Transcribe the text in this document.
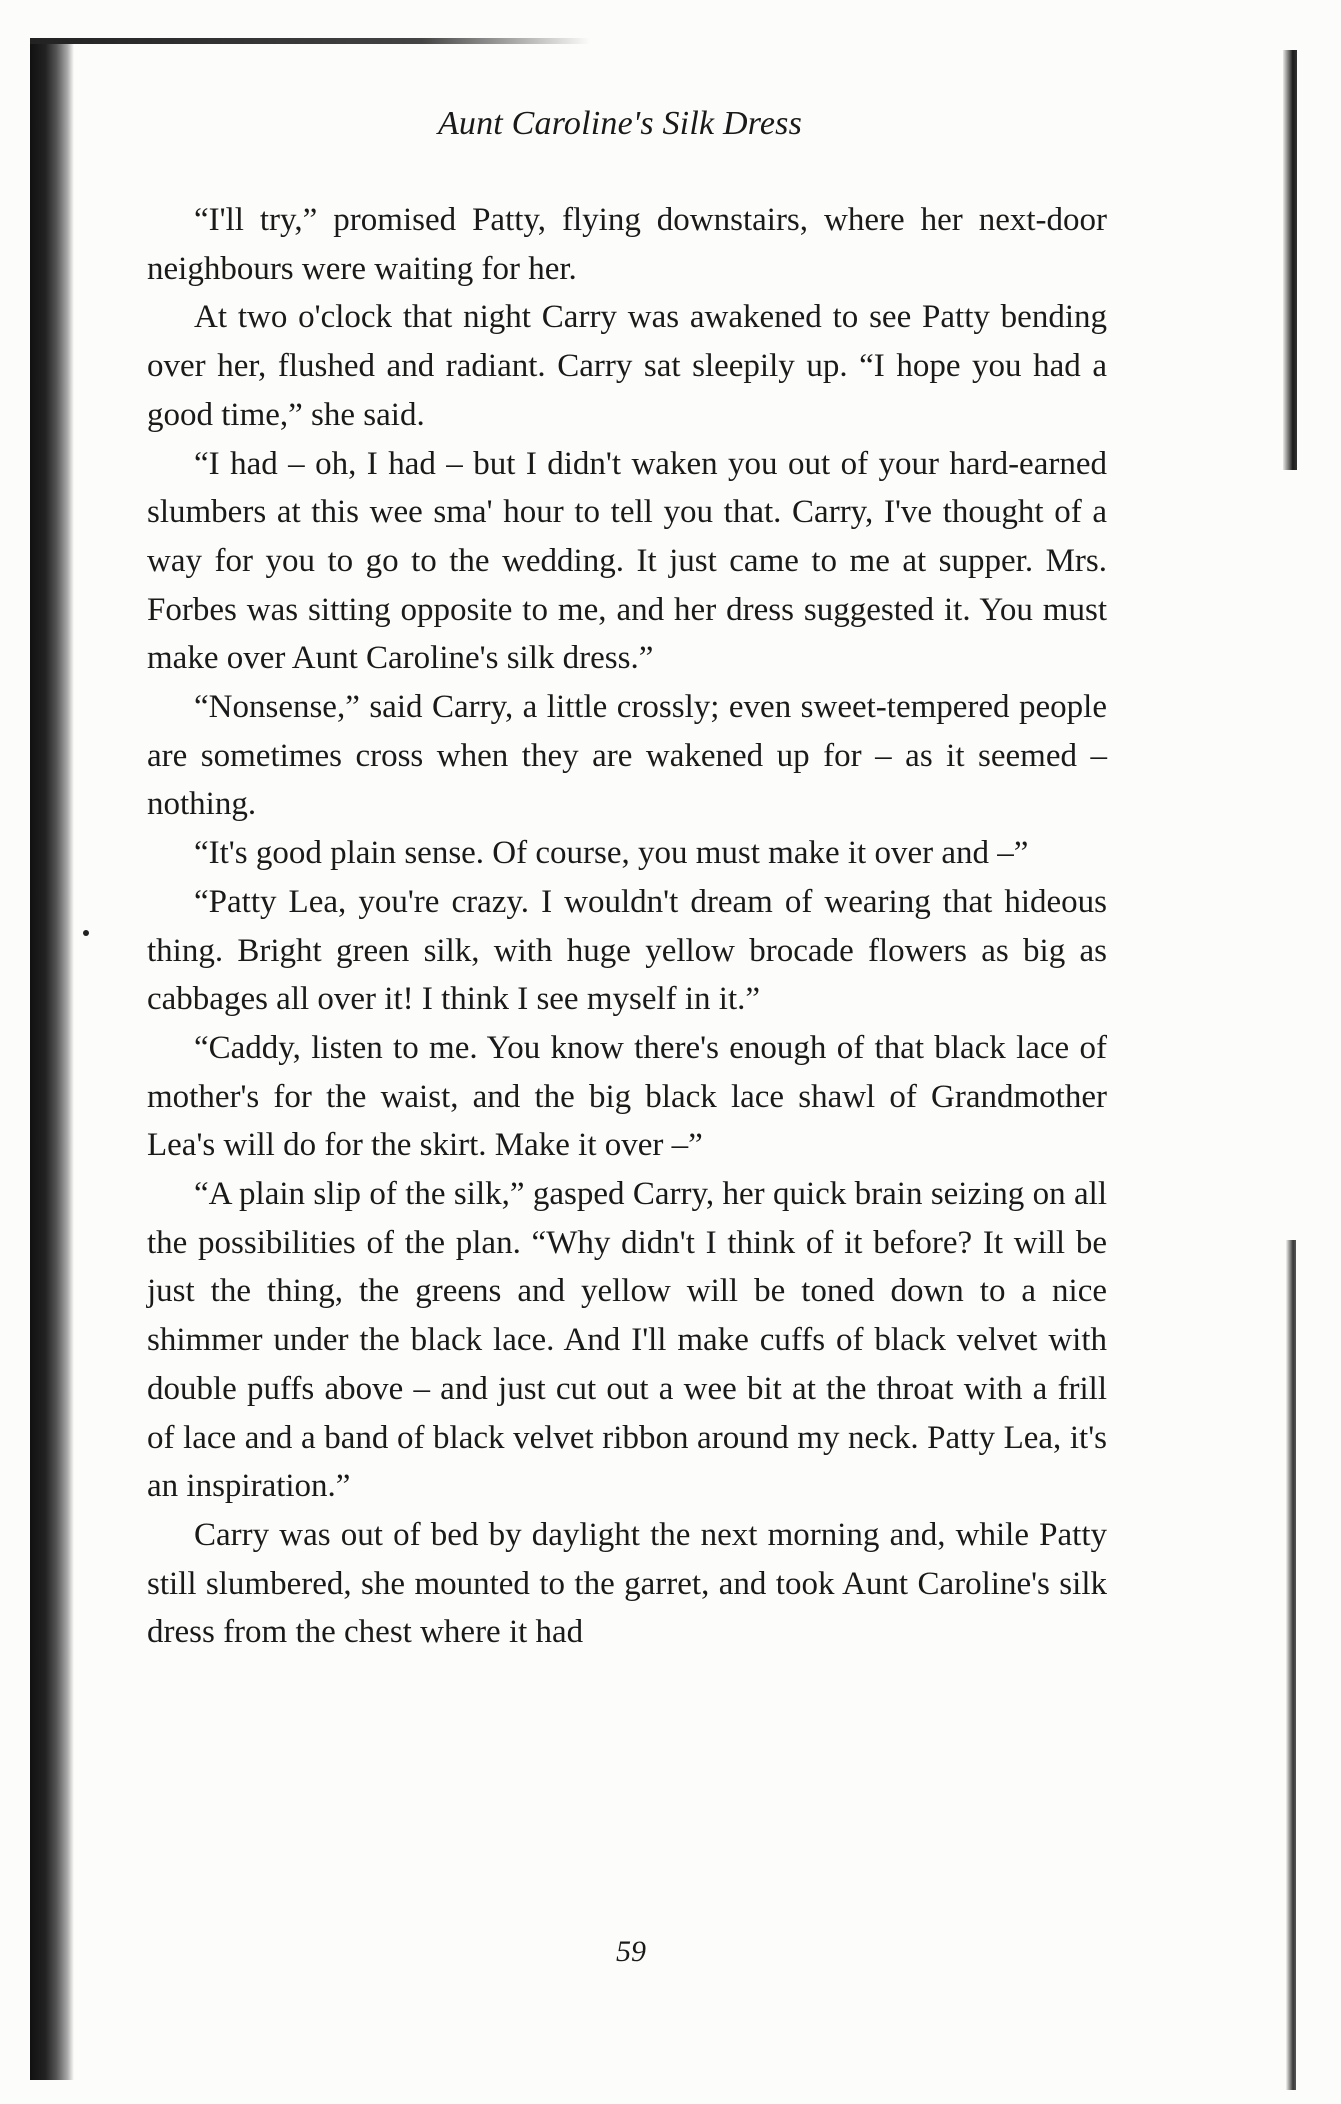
Aunt Caroline's Silk Dress

“I'll try,” promised Patty, flying downstairs, where her next-door neighbours were waiting for her.

At two o'clock that night Carry was awakened to see Patty bending over her, flushed and radiant. Carry sat sleepily up. “I hope you had a good time,” she said.

“I had – oh, I had – but I didn't waken you out of your hard-earned slumbers at this wee sma' hour to tell you that. Carry, I've thought of a way for you to go to the wedding. It just came to me at supper. Mrs. Forbes was sitting opposite to me, and her dress suggested it. You must make over Aunt Caroline's silk dress.”

“Nonsense,” said Carry, a little crossly; even sweet-tempered people are sometimes cross when they are wakened up for – as it seemed – nothing.

“It's good plain sense. Of course, you must make it over and –”

“Patty Lea, you're crazy. I wouldn't dream of wearing that hideous thing. Bright green silk, with huge yellow brocade flowers as big as cabbages all over it! I think I see myself in it.”

“Caddy, listen to me. You know there's enough of that black lace of mother's for the waist, and the big black lace shawl of Grandmother Lea's will do for the skirt. Make it over –”

“A plain slip of the silk,” gasped Carry, her quick brain seizing on all the possibilities of the plan. “Why didn't I think of it before? It will be just the thing, the greens and yellow will be toned down to a nice shimmer under the black lace. And I'll make cuffs of black velvet with double puffs above – and just cut out a wee bit at the throat with a frill of lace and a band of black velvet ribbon around my neck. Patty Lea, it's an inspiration.”

Carry was out of bed by daylight the next morning and, while Patty still slumbered, she mounted to the garret, and took Aunt Caroline's silk dress from the chest where it had

59
